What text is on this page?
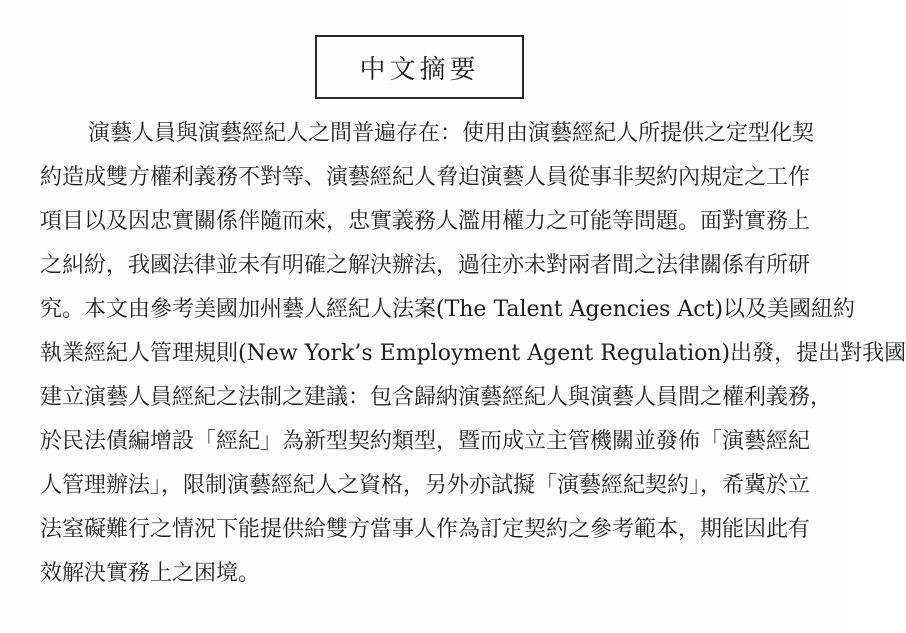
中文摘要
演藝人員與演藝經紀人之間普遍存在：使用由演藝經紀人所提供之定型化契
約造成雙方權利義務不對等、演藝經紀人脅迫演藝人員從事非契約內規定之工作
項目以及因忠實關係伴隨而來，忠實義務人濫用權力之可能等問題。面對實務上
之糾紛，我國法律並未有明確之解決辦法，過往亦未對兩者間之法律關係有所研
究。本文由參考美國加州藝人經紀人法案(The Talent Agencies Act)以及美國紐約
執業經紀人管理規則(New York’s Employment Agent Regulation)出發，提出對我國
建立演藝人員經紀之法制之建議：包含歸納演藝經紀人與演藝人員間之權利義務，
於民法債編增設「經紀」為新型契約類型，暨而成立主管機關並發佈「演藝經紀
人管理辦法」，限制演藝經紀人之資格，另外亦試擬「演藝經紀契約」，希冀於立
法窒礙難行之情況下能提供給雙方當事人作為訂定契約之參考範本，期能因此有
效解決實務上之困境。
